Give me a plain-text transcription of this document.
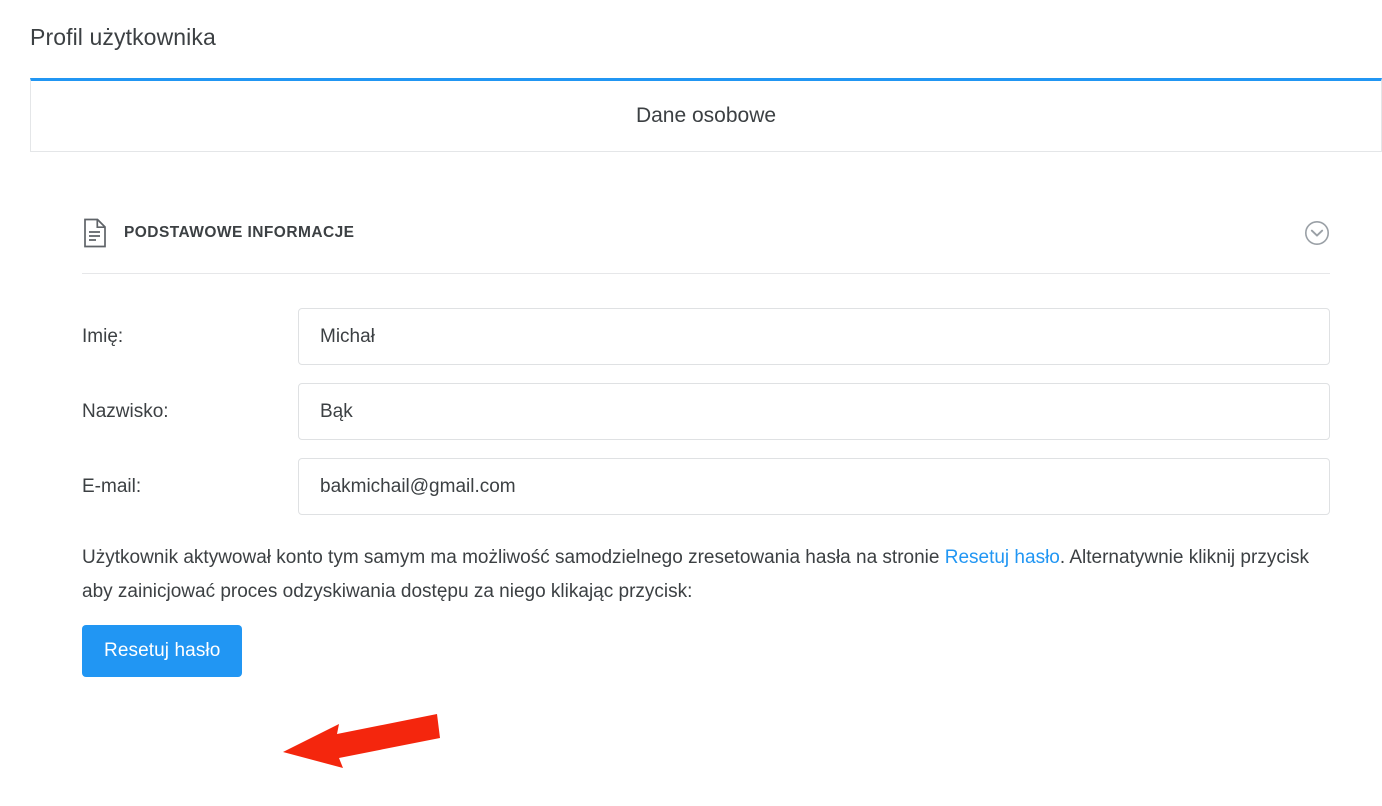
Profil użytkownika
Dane osobowe
PODSTAWOWE INFORMACJE
Imię:
Michał
Nazwisko:
Bąk
E-mail:
bakmichail@gmail.com
Użytkownik aktywował konto tym samym ma możliwość samodzielnego zresetowania hasła na stronie Resetuj hasło. Alternatywnie kliknij przycisk aby zainicjować proces odzyskiwania dostępu za niego klikając przycisk:
Resetuj hasło
